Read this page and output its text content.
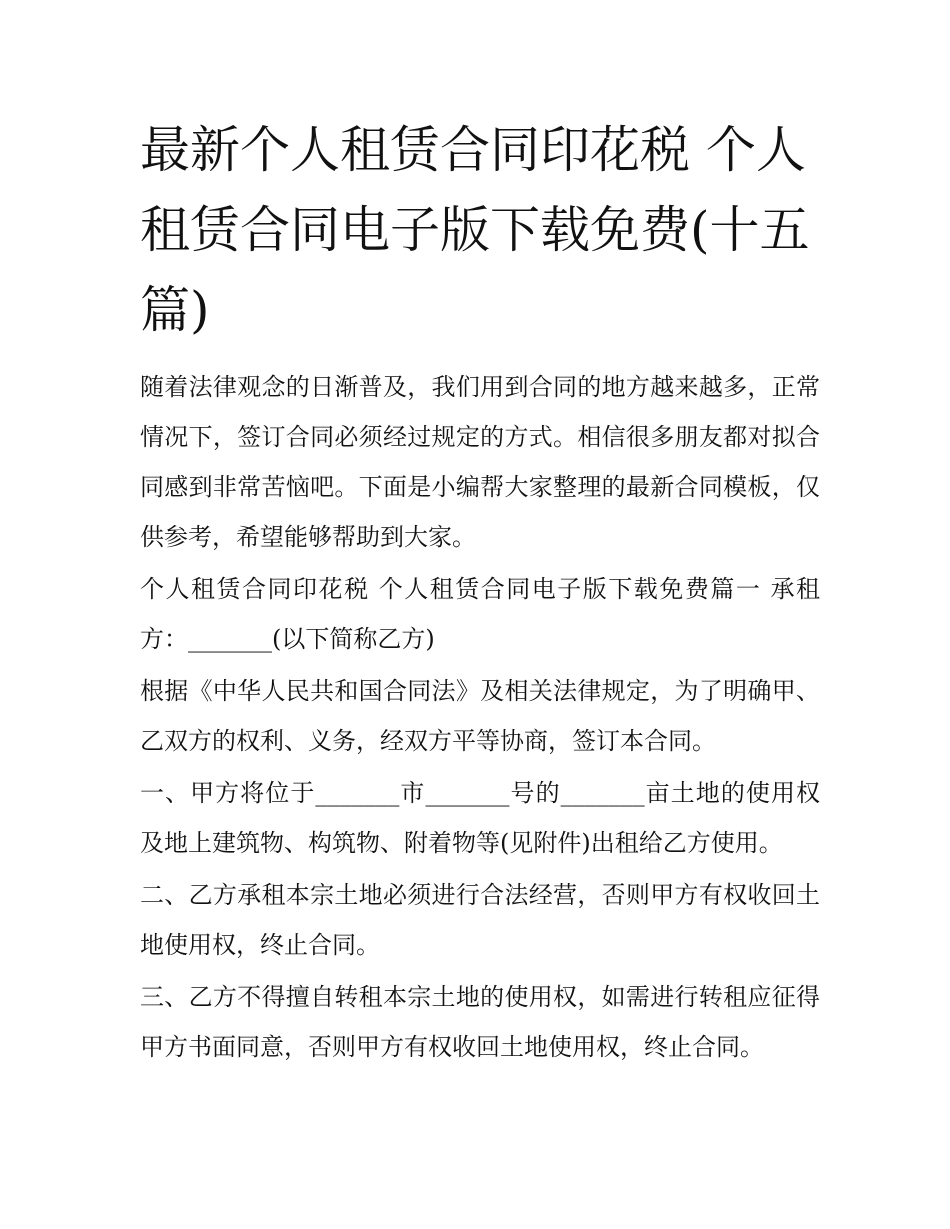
最新个人租赁合同印花税 个人租赁合同电子版下载免费(十五篇)

随着法律观念的日渐普及，我们用到合同的地方越来越多，正常情况下，签订合同必须经过规定的方式。相信很多朋友都对拟合同感到非常苦恼吧。下面是小编帮大家整理的最新合同模板，仅供参考，希望能够帮助到大家。

个人租赁合同印花税 个人租赁合同电子版下载免费篇一 承租方：_______(以下简称乙方)

根据《中华人民共和国合同法》及相关法律规定，为了明确甲、乙双方的权利、义务，经双方平等协商，签订本合同。

一、甲方将位于_______市_______号的_______亩土地的使用权及地上建筑物、构筑物、附着物等(见附件)出租给乙方使用。

二、乙方承租本宗土地必须进行合法经营，否则甲方有权收回土地使用权，终止合同。

三、乙方不得擅自转租本宗土地的使用权，如需进行转租应征得甲方书面同意，否则甲方有权收回土地使用权，终止合同。
